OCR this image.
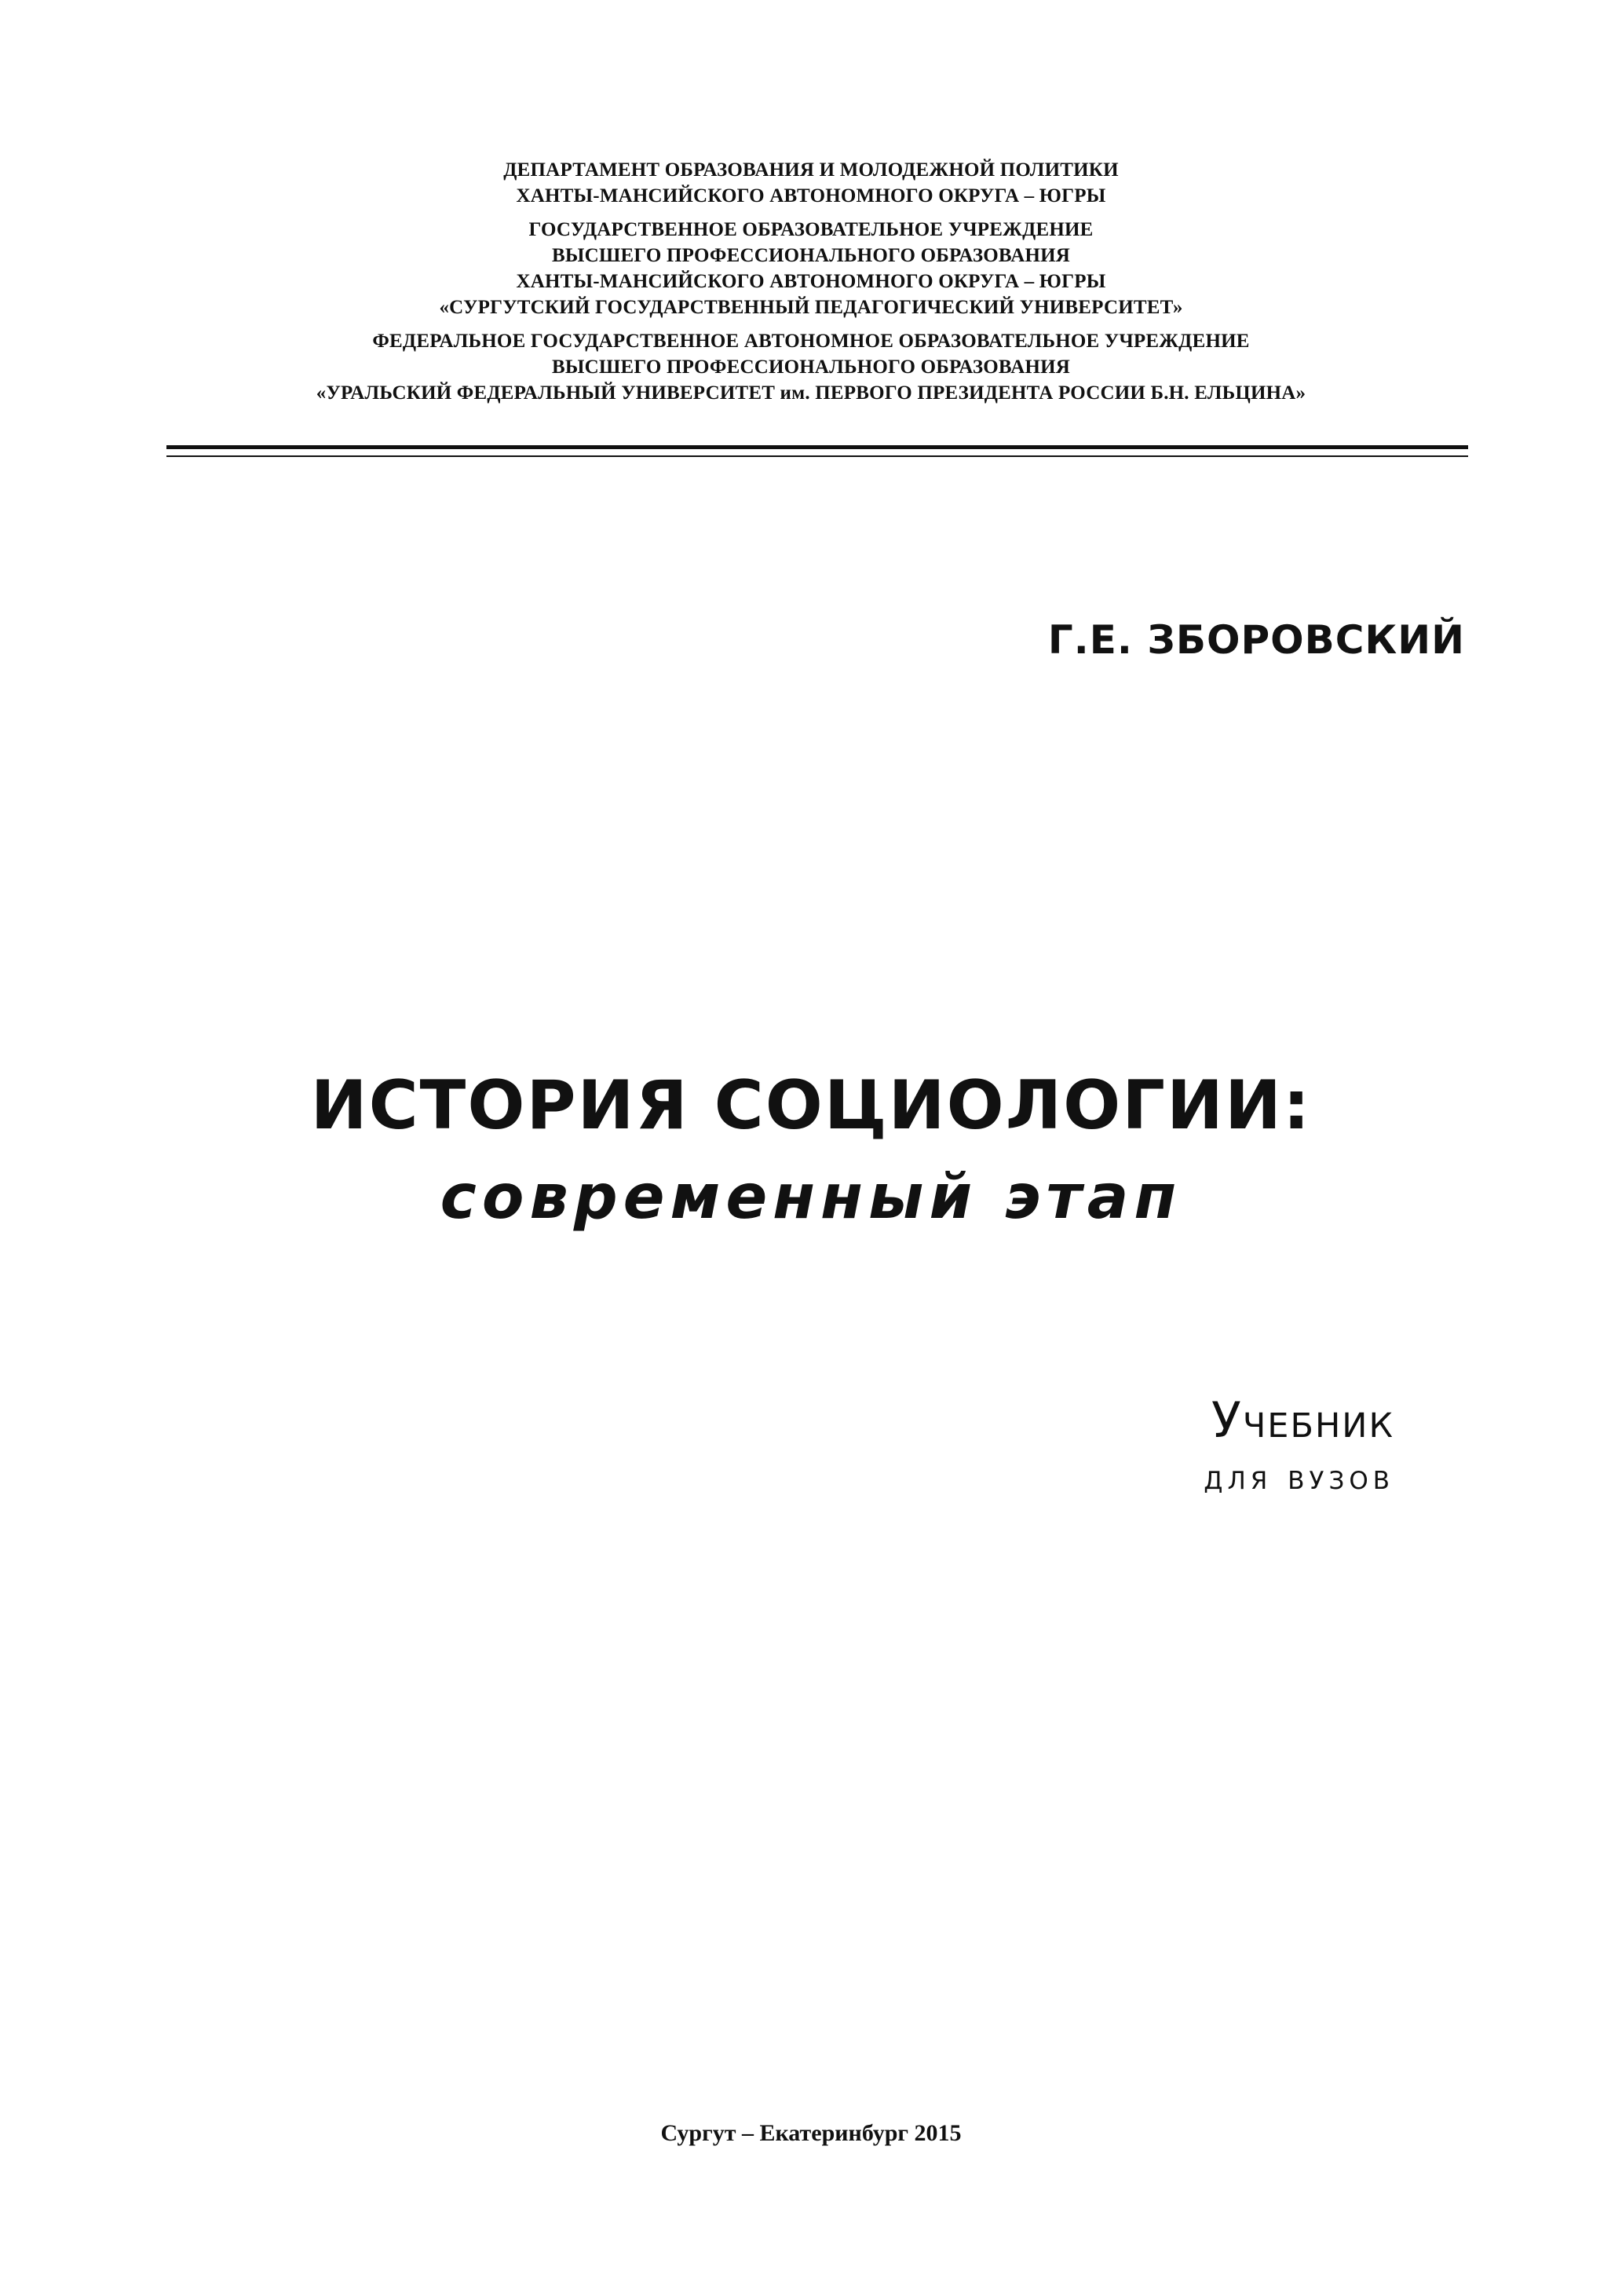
ДЕПАРТАМЕНТ ОБРАЗОВАНИЯ И МОЛОДЕЖНОЙ ПОЛИТИКИ
ХАНТЫ-МАНСИЙСКОГО АВТОНОМНОГО ОКРУГА – ЮГРЫ
ГОСУДАРСТВЕННОЕ ОБРАЗОВАТЕЛЬНОЕ УЧРЕЖДЕНИЕ
ВЫСШЕГО ПРОФЕССИОНАЛЬНОГО ОБРАЗОВАНИЯ
ХАНТЫ-МАНСИЙСКОГО АВТОНОМНОГО ОКРУГА – ЮГРЫ
«СУРГУТСКИЙ ГОСУДАРСТВЕННЫЙ ПЕДАГОГИЧЕСКИЙ УНИВЕРСИТЕТ»
ФЕДЕРАЛЬНОЕ ГОСУДАРСТВЕННОЕ АВТОНОМНОЕ ОБРАЗОВАТЕЛЬНОЕ УЧРЕЖДЕНИЕ
ВЫСШЕГО ПРОФЕССИОНАЛЬНОГО ОБРАЗОВАНИЯ
«УРАЛЬСКИЙ ФЕДЕРАЛЬНЫЙ УНИВЕРСИТЕТ им. ПЕРВОГО ПРЕЗИДЕНТА РОССИИ Б.Н. ЕЛЬЦИНА»
Г.Е. ЗБОРОВСКИЙ
ИСТОРИЯ СОЦИОЛОГИИ:
современный этап
Учебник
для вузов
Сургут – Екатеринбург 2015
